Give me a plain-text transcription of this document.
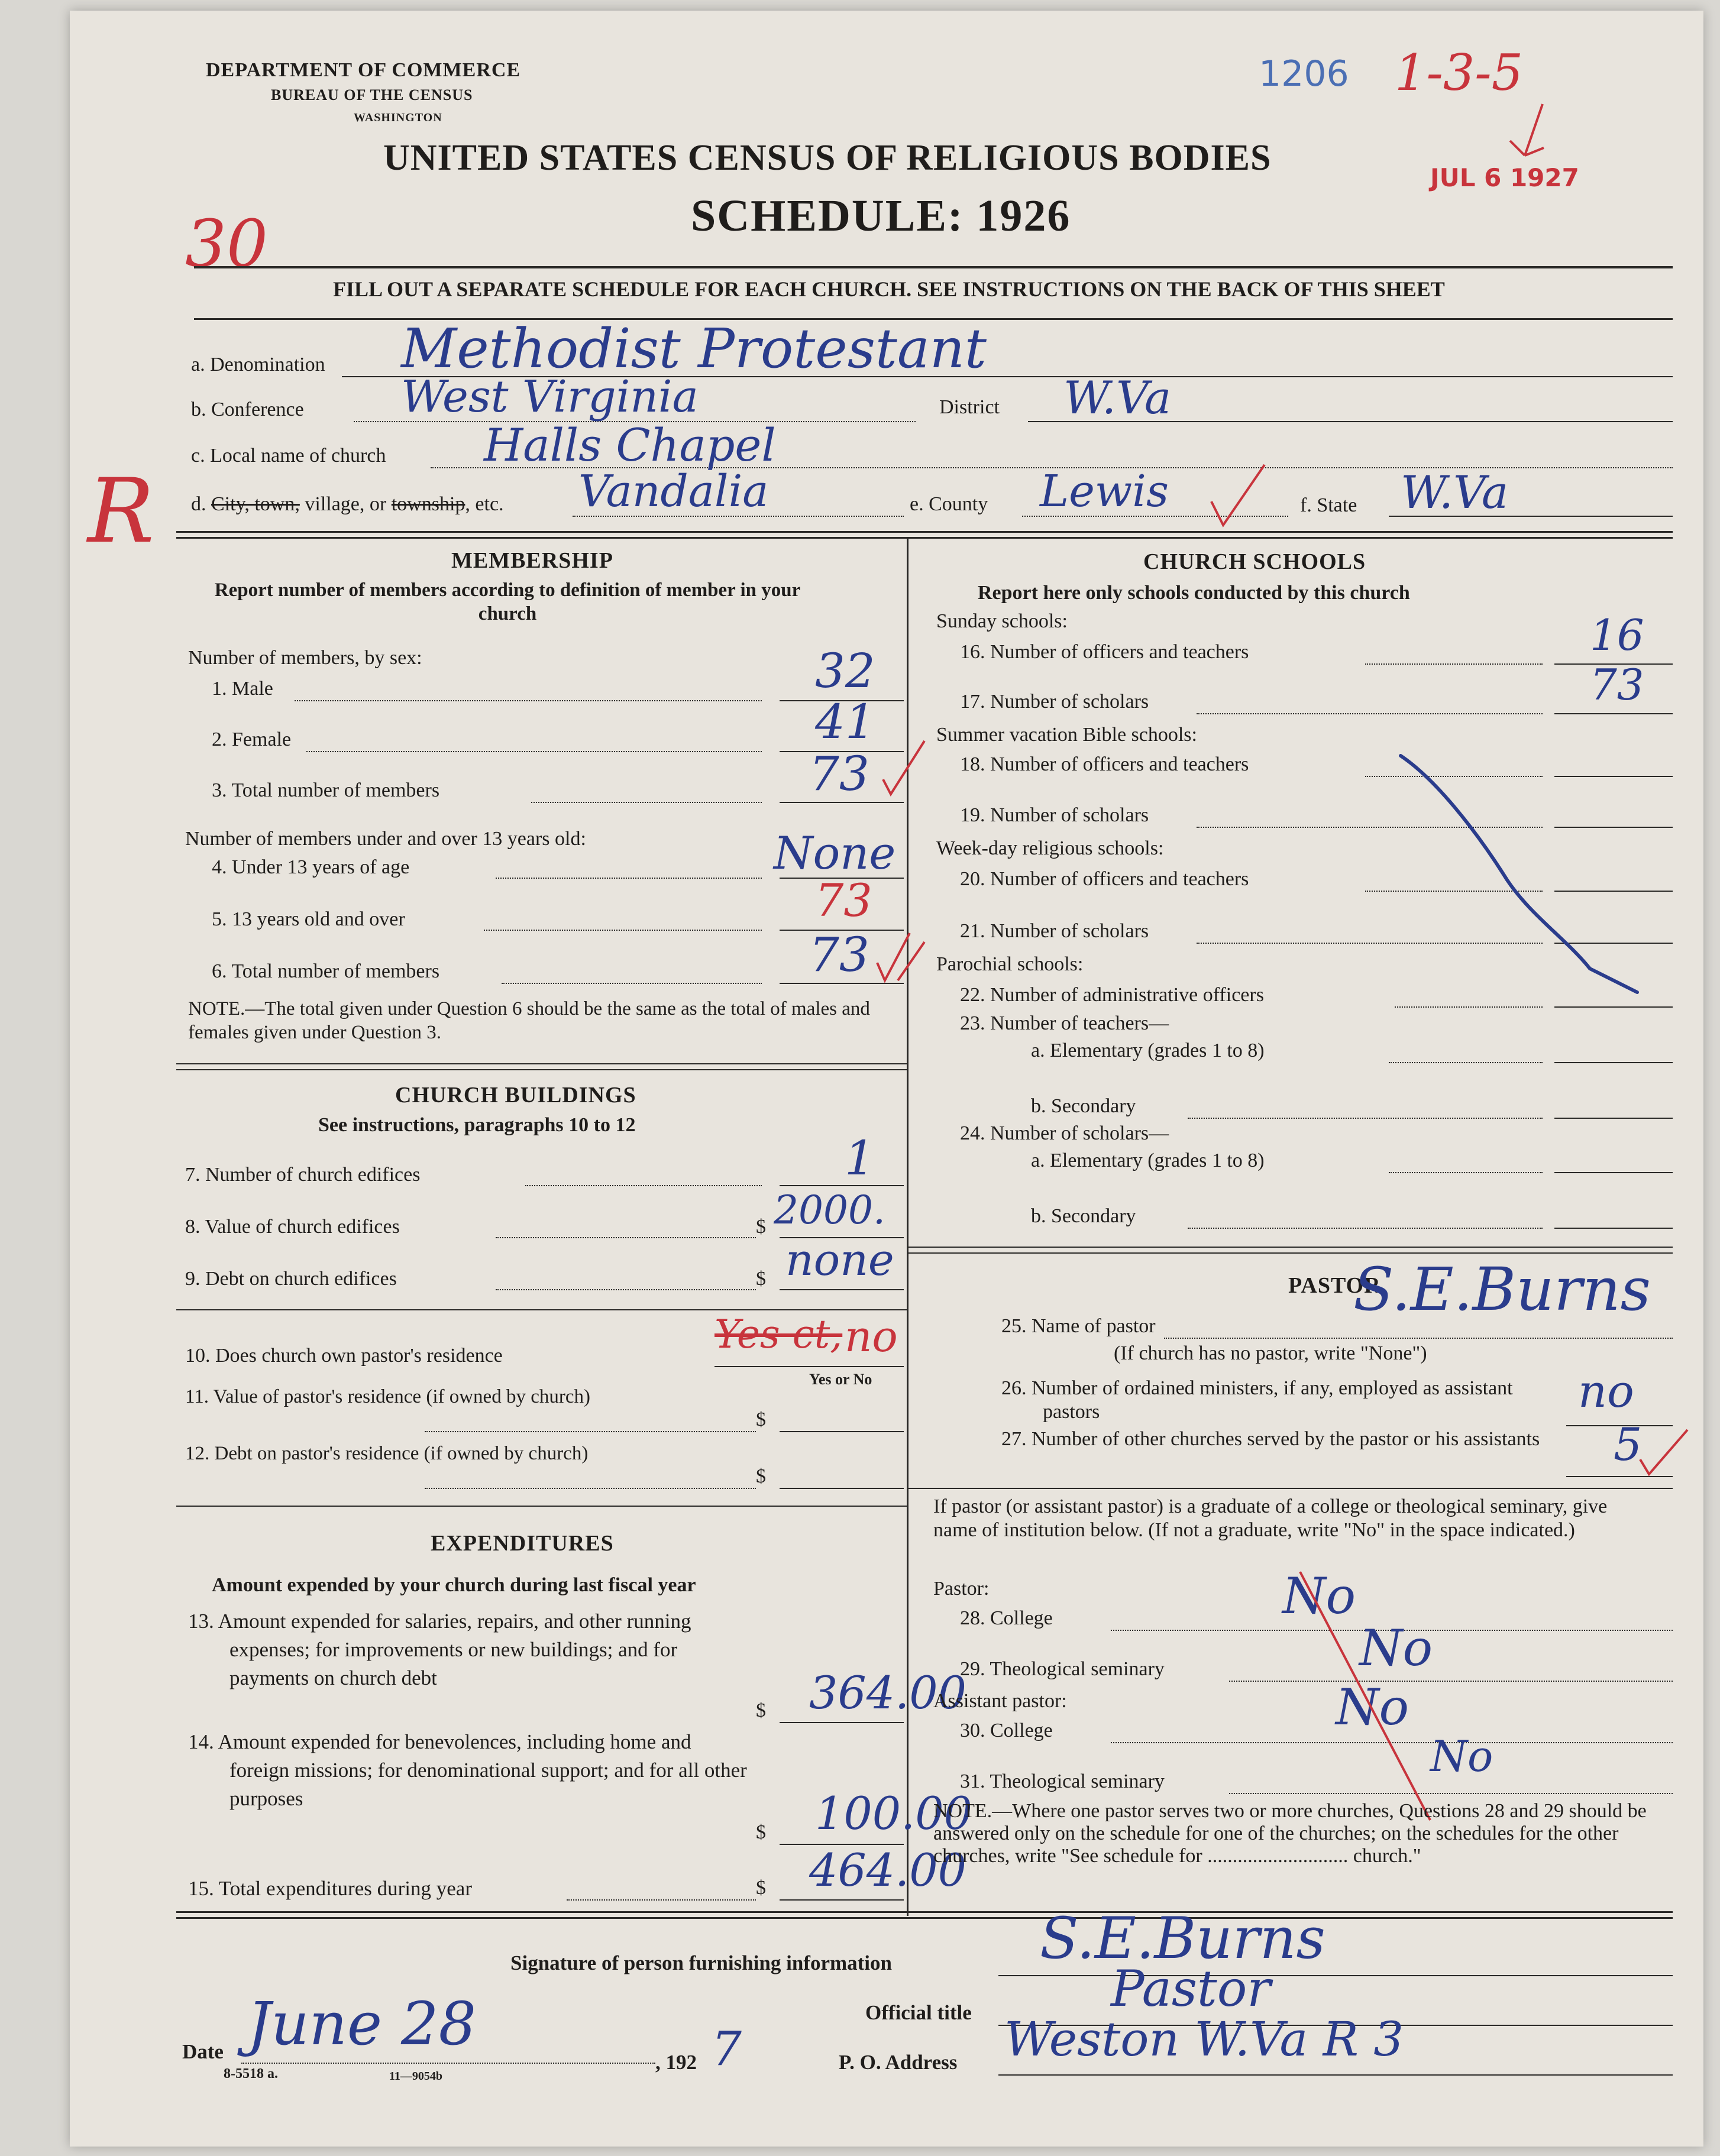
DEPARTMENT OF COMMERCE
BUREAU OF THE CENSUS
WASHINGTON
UNITED STATES CENSUS OF RELIGIOUS BODIES
SCHEDULE: 1926
1206 1-3-5
JUL 6 1927
30
R
FILL OUT A SEPARATE SCHEDULE FOR EACH CHURCH. SEE INSTRUCTIONS ON THE BACK OF THIS SHEET
a. Denomination Methodist Protestant
b. Conference West Virginia	District W.Va
c. Local name of church Halls Chapel
d. City, town, village, or township, etc. Vandalia	e. County Lewis	f. State W.Va
MEMBERSHIP
Report number of members according to definition of member in your church
Number of members, by sex:
1. Male	32
2. Female	41
3. Total number of members	73
Number of members under and over 13 years old:
4. Under 13 years of age	None
5. 13 years old and over	73
6. Total number of members	73
NOTE.—The total given under Question 6 should be the same as the total of males and females given under Question 3.
CHURCH BUILDINGS
See instructions, paragraphs 10 to 12
7. Number of church edifices	1
8. Value of church edifices	$ 2000.
9. Debt on church edifices	$ none
10. Does church own pastor's residence	Yes ct, no
Yes or No
11. Value of pastor's residence (if owned by church)
$
12. Debt on pastor's residence (if owned by church)
$
EXPENDITURES
Amount expended by your church during last fiscal year
13. Amount expended for salaries, repairs, and other running expenses; for improvements or new buildings; and for payments on church debt
$ 364.00
14. Amount expended for benevolences, including home and foreign missions; for denominational support; and for all other purposes
$ 100.00
15. Total expenditures during year	$ 464.00
CHURCH SCHOOLS
Report here only schools conducted by this church
Sunday schools:
16. Number of officers and teachers	16
17. Number of scholars	73
Summer vacation Bible schools:
18. Number of officers and teachers
19. Number of scholars
Week-day religious schools:
20. Number of officers and teachers
21. Number of scholars
Parochial schools:
22. Number of administrative officers
23. Number of teachers—
a. Elementary (grades 1 to 8)
b. Secondary
24. Number of scholars—
a. Elementary (grades 1 to 8)
b. Secondary
PASTOR
25. Name of pastor
S.E.Burns
(If church has no pastor, write "None")
26. Number of ordained ministers, if any, employed as assistant pastors	no
27. Number of other churches served by the pastor or his assistants 5
If pastor (or assistant pastor) is a graduate of a college or theological seminary, give name of institution below. (If not a graduate, write "No" in the space indicated.)
Pastor:
28. College	No
29. Theological seminary	No
Assistant pastor:
30. College	No
31. Theological seminary
No
NOTE.—Where one pastor serves two or more churches, Questions 28 and 29 should be answered only on the schedule for one of the churches; on the schedules for the other churches, write "See schedule for ............................ church."
Signature of person furnishing information	S.E.Burns
Official title	Pastor
P. O. Address Weston W.Va R 3
Date June 28
, 192 7
8-5518 a.	11—9054b
